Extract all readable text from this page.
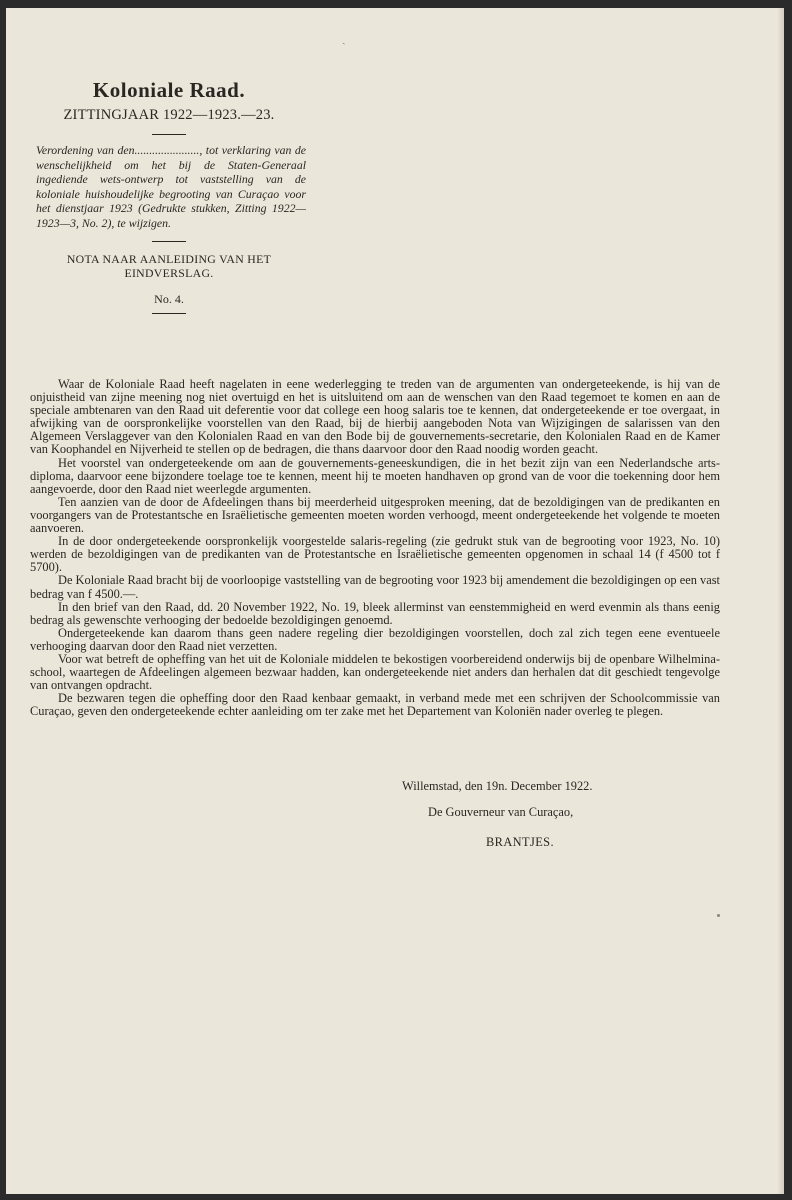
ˎ
Koloniale Raad.
ZITTINGJAAR 1922—1923.—23.
Verordening van den......................, tot verklaring van de wenschelijkheid om het bij de Staten-Generaal ingediende wets-ontwerp tot vaststelling van de koloniale huishoudelijke begrooting van Curaçao voor het dienstjaar 1923 (Gedrukte stukken, Zitting 1922—1923—3, No. 2), te wijzigen.
NOTA NAAR AANLEIDING VAN HET EINDVERSLAG.
No. 4.

Waar de Koloniale Raad heeft nagelaten in eene wederlegging te treden van de argumenten van ondergeteekende, is hij van de onjuistheid van zijne meening nog niet overtuigd en het is uitsluitend om aan de wenschen van den Raad tegemoet te komen en aan de speciale ambtenaren van den Raad uit deferentie voor dat college een hoog salaris toe te kennen, dat ondergeteekende er toe overgaat, in afwijking van de oorspronkelijke voorstellen van den Raad, bij de hierbij aangeboden Nota van Wijzigingen de salarissen van den Algemeen Verslaggever van den Kolonialen Raad en van den Bode bij de gouvernements-secretarie, den Kolonialen Raad en de Kamer van Koophandel en Nijverheid te stellen op de bedragen, die thans daarvoor door den Raad noodig worden geacht.

Het voorstel van ondergeteekende om aan de gouvernements-geneeskundigen, die in het bezit zijn van een Nederlandsche arts-diploma, daarvoor eene bijzondere toelage toe te kennen, meent hij te moeten handhaven op grond van de voor die toekenning door hem aangevoerde, door den Raad niet weerlegde argumenten.

Ten aanzien van de door de Afdeelingen thans bij meerderheid uitgesproken meening, dat de bezoldigingen van de predikanten en voorgangers van de Protestantsche en Israëlietische gemeenten moeten worden verhoogd, meent ondergeteekende het volgende te moeten aanvoeren.

In de door ondergeteekende oorspronkelijk voorgestelde salaris-regeling (zie gedrukt stuk van de begrooting voor 1923, No. 10) werden de bezoldigingen van de predikanten van de Protestantsche en Israëlietische gemeenten opgenomen in schaal 14 (f 4500 tot f 5700).

De Koloniale Raad bracht bij de voorloopige vaststelling van de begrooting voor 1923 bij amendement die bezoldigingen op een vast bedrag van f 4500.—.

In den brief van den Raad, dd. 20 November 1922, No. 19, bleek allerminst van eenstemmigheid en werd evenmin als thans eenig bedrag als gewenschte verhooging der bedoelde bezoldigingen genoemd.

Ondergeteekende kan daarom thans geen nadere regeling dier bezoldigingen voorstellen, doch zal zich tegen eene eventueele verhooging daarvan door den Raad niet verzetten.

Voor wat betreft de opheffing van het uit de Koloniale middelen te bekostigen voorbereidend onderwijs bij de openbare Wilhelmina-school, waartegen de Afdeelingen algemeen bezwaar hadden, kan ondergeteekende niet anders dan herhalen dat dit geschiedt tengevolge van ontvangen opdracht.

De bezwaren tegen die opheffing door den Raad kenbaar gemaakt, in verband mede met een schrijven der Schoolcommissie van Curaçao, geven den ondergeteekende echter aanleiding om ter zake met het Departement van Koloniën nader overleg te plegen.

Willemstad, den 19n. December 1922.
De Gouverneur van Curaçao,
BRANTJES.
